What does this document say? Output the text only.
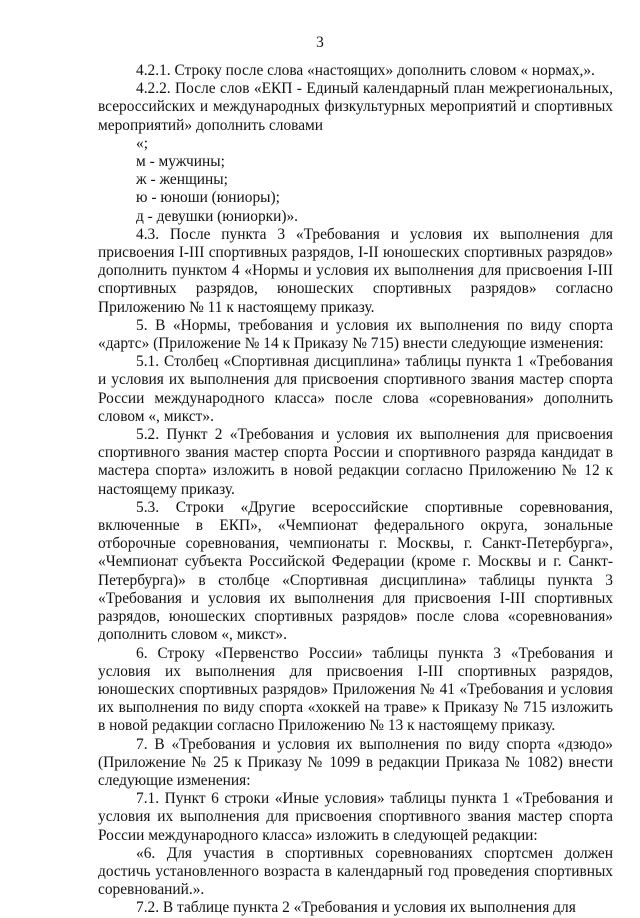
3

4.2.1. Строку после слова «настоящих» дополнить словом « нормах,».

4.2.2. После слов «ЕКП - Единый календарный план межрегиональных, всероссийских и международных физкультурных мероприятий и спортивных мероприятий» дополнить словами

«;

м - мужчины;

ж - женщины;

ю - юноши (юниоры);

д - девушки (юниорки)».

4.3. После пункта 3 «Требования и условия их выполнения для присвоения I-III спортивных разрядов, I-II юношеских спортивных разрядов» дополнить пунктом 4 «Нормы и условия их выполнения для присвоения I-III спортивных разрядов, юношеских спортивных разрядов» согласно Приложению № 11 к настоящему приказу.

5. В «Нормы, требования и условия их выполнения по виду спорта «дартс» (Приложение № 14 к Приказу № 715) внести следующие изменения:

5.1. Столбец «Спортивная дисциплина» таблицы пункта 1 «Требования и условия их выполнения для присвоения спортивного звания мастер спорта России международного класса» после слова «соревнования» дополнить словом «, микст».

5.2. Пункт 2 «Требования и условия их выполнения для присвоения спортивного звания мастер спорта России и спортивного разряда кандидат в мастера спорта» изложить в новой редакции согласно Приложению № 12 к настоящему приказу.

5.3. Строки «Другие всероссийские спортивные соревнования, включенные в ЕКП», «Чемпионат федерального округа, зональные отборочные соревнования, чемпионаты г. Москвы, г. Санкт-Петербурга», «Чемпионат субъекта Российской Федерации (кроме г. Москвы и г. Санкт-Петербурга)» в столбце «Спортивная дисциплина» таблицы пункта 3 «Требования и условия их выполнения для присвоения I-III спортивных разрядов, юношеских спортивных разрядов» после слова «соревнования» дополнить словом «, микст».

6. Строку «Первенство России» таблицы пункта 3 «Требования и условия их выполнения для присвоения I-III спортивных разрядов, юношеских спортивных разрядов» Приложения № 41 «Требования и условия их выполнения по виду спорта «хоккей на траве» к Приказу № 715 изложить в новой редакции согласно Приложению № 13 к настоящему приказу.

7. В «Требования и условия их выполнения по виду спорта «дзюдо» (Приложение № 25 к Приказу № 1099 в редакции Приказа № 1082) внести следующие изменения:

7.1. Пункт 6 строки «Иные условия» таблицы пункта 1 «Требования и условия их выполнения для присвоения спортивного звания мастер спорта России международного класса» изложить в следующей редакции:

«6. Для участия в спортивных соревнованиях спортсмен должен достичь установленного возраста в календарный год проведения спортивных соревнований.».

7.2. В таблице пункта 2 «Требования и условия их выполнения для
